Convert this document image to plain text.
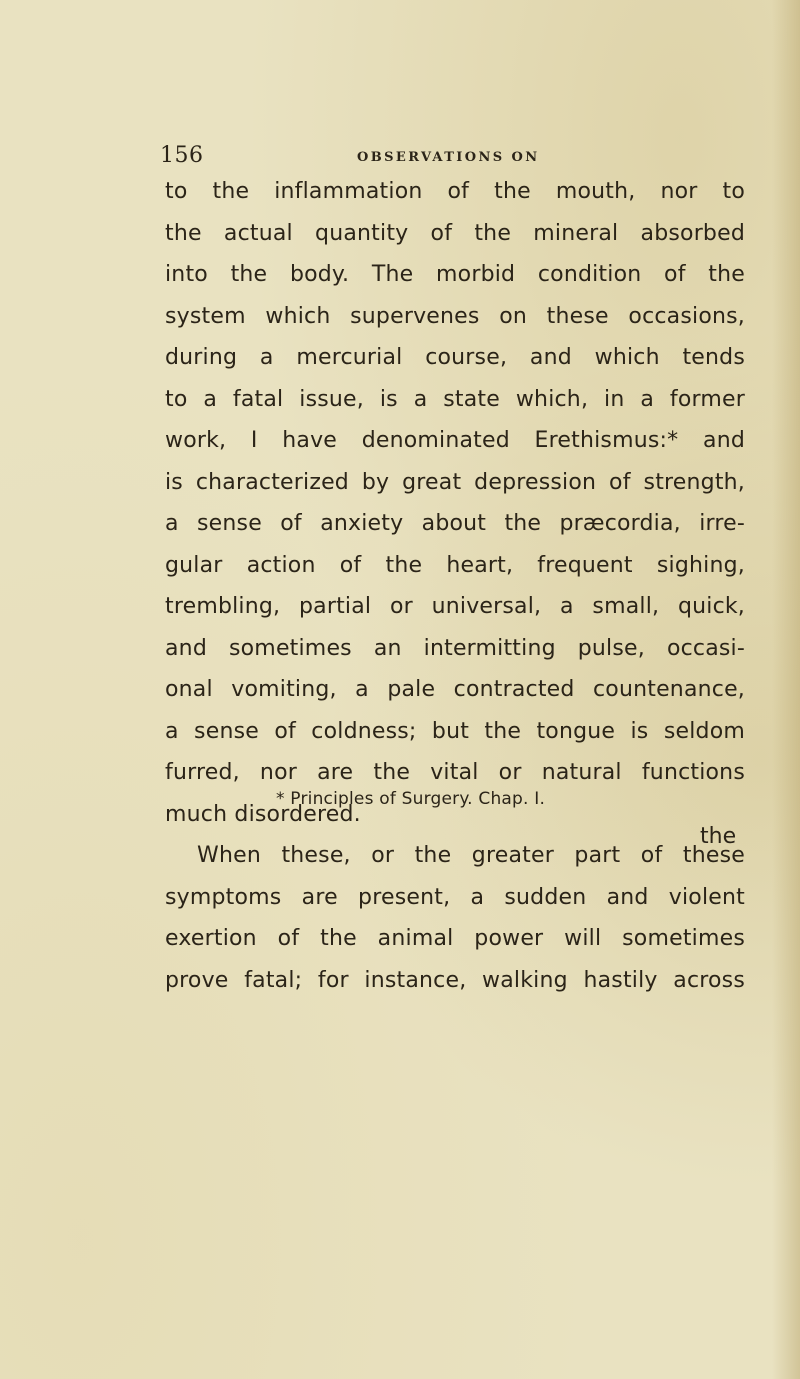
156	OBSERVATIONS ON
to the inflammation of the mouth, nor to
the actual quantity of the mineral absorbed
into the body. The morbid condition of the
system which supervenes on these occasions,
during a mercurial course, and which tends
to a fatal issue, is a state which, in a former
work, I have denominated Erethismus:* and
is characterized by great depression of strength,
a sense of anxiety about the præcordia, irre-
gular action of the heart, frequent sighing,
trembling, partial or universal, a small, quick,
and sometimes an intermitting pulse, occasi-
onal vomiting, a pale contracted countenance,
a sense of coldness; but the tongue is seldom
furred, nor are the vital or natural functions
much disordered.
When these, or the greater part of these
symptoms are present, a sudden and violent
exertion of the animal power will sometimes
prove fatal; for instance, walking hastily across
* Principles of Surgery. Chap. I.
the
